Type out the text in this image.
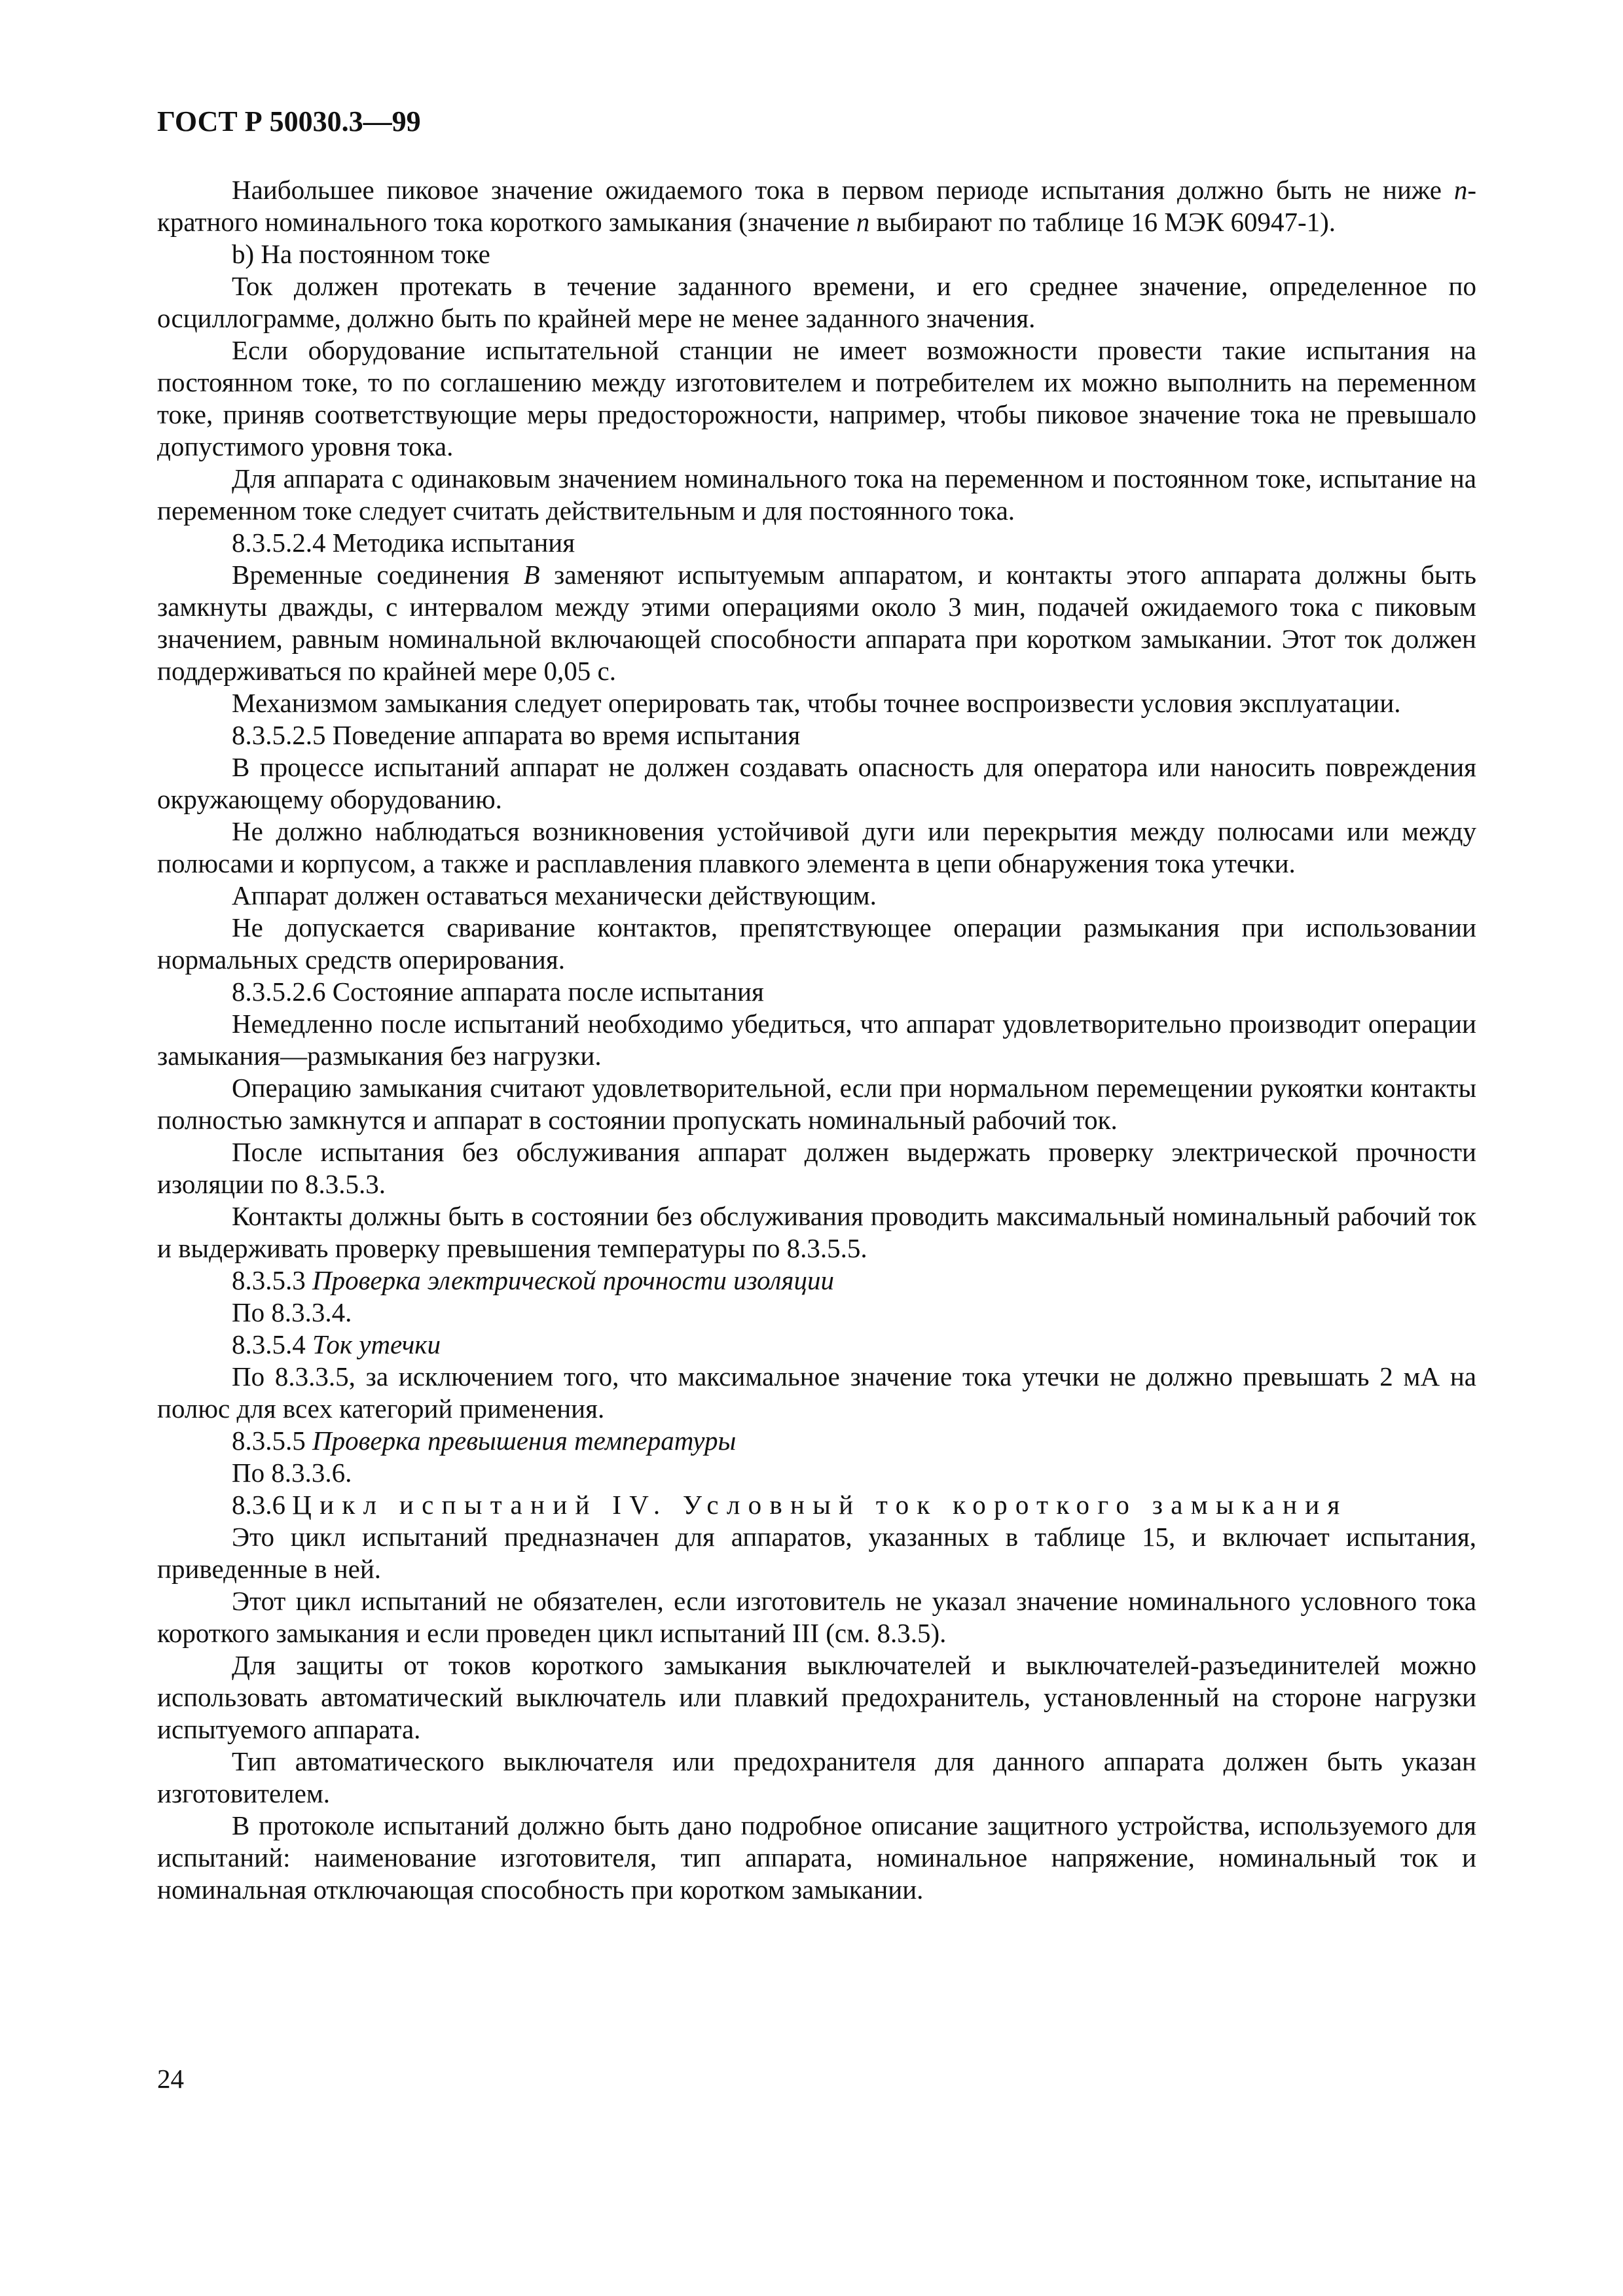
ГОСТ Р 50030.3—99

Наибольшее пиковое значение ожидаемого тока в первом периоде испытания должно быть не ниже n-кратного номинального тока короткого замыкания (значение n выбирают по таблице 16 МЭК 60947-1).

b) На постоянном токе

Ток должен протекать в течение заданного времени, и его среднее значение, определенное по осциллограмме, должно быть по крайней мере не менее заданного значения.

Если оборудование испытательной станции не имеет возможности провести такие испытания на постоянном токе, то по соглашению между изготовителем и потребителем их можно выполнить на переменном токе, приняв соответствующие меры предосторожности, например, чтобы пиковое значение тока не превышало допустимого уровня тока.

Для аппарата с одинаковым значением номинального тока на переменном и постоянном токе, испытание на переменном токе следует считать действительным и для постоянного тока.

8.3.5.2.4 Методика испытания

Временные соединения B заменяют испытуемым аппаратом, и контакты этого аппарата должны быть замкнуты дважды, с интервалом между этими операциями около 3 мин, подачей ожидаемого тока с пиковым значением, равным номинальной включающей способности аппарата при коротком замыкании. Этот ток должен поддерживаться по крайней мере 0,05 с.

Механизмом замыкания следует оперировать так, чтобы точнее воспроизвести условия эксплуатации.

8.3.5.2.5 Поведение аппарата во время испытания

В процессе испытаний аппарат не должен создавать опасность для оператора или наносить повреждения окружающему оборудованию.

Не должно наблюдаться возникновения устойчивой дуги или перекрытия между полюсами или между полюсами и корпусом, а также и расплавления плавкого элемента в цепи обнаружения тока утечки.

Аппарат должен оставаться механически действующим.

Не допускается сваривание контактов, препятствующее операции размыкания при использовании нормальных средств оперирования.

8.3.5.2.6 Состояние аппарата после испытания

Немедленно после испытаний необходимо убедиться, что аппарат удовлетворительно производит операции замыкания—размыкания без нагрузки.

Операцию замыкания считают удовлетворительной, если при нормальном перемещении рукоятки контакты полностью замкнутся и аппарат в состоянии пропускать номинальный рабочий ток.

После испытания без обслуживания аппарат должен выдержать проверку электрической прочности изоляции по 8.3.5.3.

Контакты должны быть в состоянии без обслуживания проводить максимальный номинальный рабочий ток и выдерживать проверку превышения температуры по 8.3.5.5.

8.3.5.3 Проверка электрической прочности изоляции

По 8.3.3.4.

8.3.5.4 Ток утечки

По 8.3.3.5, за исключением того, что максимальное значение тока утечки не должно превышать 2 мА на полюс для всех категорий применения.

8.3.5.5 Проверка превышения температуры

По 8.3.3.6.

8.3.6 Цикл испытаний IV. Условный ток короткого замыкания

Это цикл испытаний предназначен для аппаратов, указанных в таблице 15, и включает испытания, приведенные в ней.

Этот цикл испытаний не обязателен, если изготовитель не указал значение номинального условного тока короткого замыкания и если проведен цикл испытаний III (см. 8.3.5).

Для защиты от токов короткого замыкания выключателей и выключателей-разъединителей можно использовать автоматический выключатель или плавкий предохранитель, установленный на стороне нагрузки испытуемого аппарата.

Тип автоматического выключателя или предохранителя для данного аппарата должен быть указан изготовителем.

В протоколе испытаний должно быть дано подробное описание защитного устройства, используемого для испытаний: наименование изготовителя, тип аппарата, номинальное напряжение, номинальный ток и номинальная отключающая способность при коротком замыкании.

24
